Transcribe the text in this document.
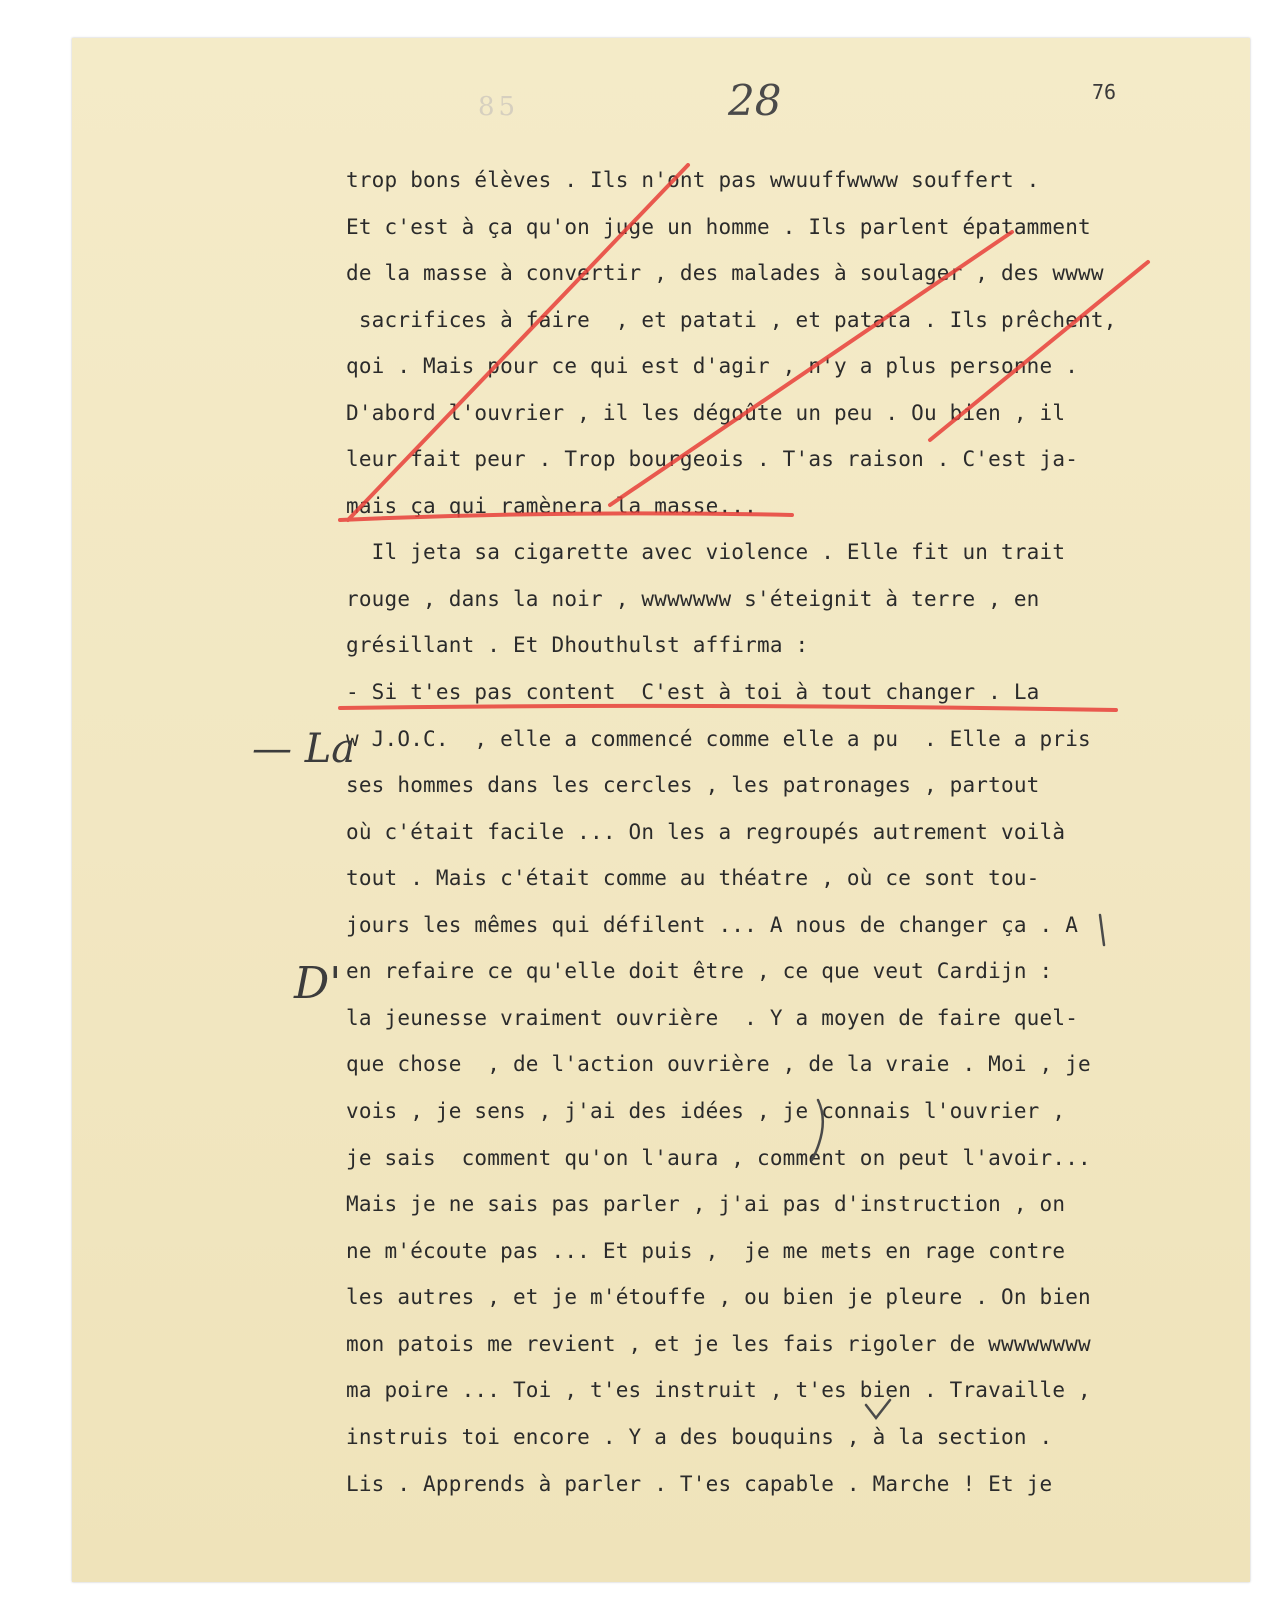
85	28	76
trop bons élèves . Ils n'ont pas wwuuffwwww souffert .
Et c'est à ça qu'on juge un homme . Ils parlent épatamment
de la masse à convertir , des malades à soulager , des wwww
sacrifices à faire  , et patati , et patata . Ils prêchent,
qoi . Mais pour ce qui est d'agir , n'y a plus personne .
D'abord l'ouvrier , il les dégoûte un peu . Ou bien , il
leur fait peur . Trop bourgeois . T'as raison . C'est ja-
mais ça qui ramènera la masse...
Il jeta sa cigarette avec violence . Elle fit un trait
rouge , dans la noir , wwwwwww s'éteignit à terre , en
grésillant . Et Dhouthulst affirma :
- Si t'es pas content  C'est à toi à tout changer . La
w J.O.C.  , elle a commencé comme elle a pu  . Elle a pris
ses hommes dans les cercles , les patronages , partout
où c'était facile ... On les a regroupés autrement voilà
tout . Mais c'était comme au théatre , où ce sont tou-
jours les mêmes qui défilent ... A nous de changer ça . A
en refaire ce qu'elle doit être , ce que veut Cardijn :
la jeunesse vraiment ouvrière  . Y a moyen de faire quel-
que chose  , de l'action ouvrière , de la vraie . Moi , je
vois , je sens , j'ai des idées , je connais l'ouvrier ,
je sais  comment qu'on l'aura , comment on peut l'avoir...
Mais je ne sais pas parler , j'ai pas d'instruction , on
ne m'écoute pas ... Et puis ,  je me mets en rage contre
les autres , et je m'étouffe , ou bien je pleure . On bien
mon patois me revient , et je les fais rigoler de wwwwwwww
ma poire ... Toi , t'es instruit , t'es bien . Travaille ,
instruis toi encore . Y a des bouquins , à la section .
Lis . Apprends à parler . T'es capable . Marche ! Et je
— La
D'
